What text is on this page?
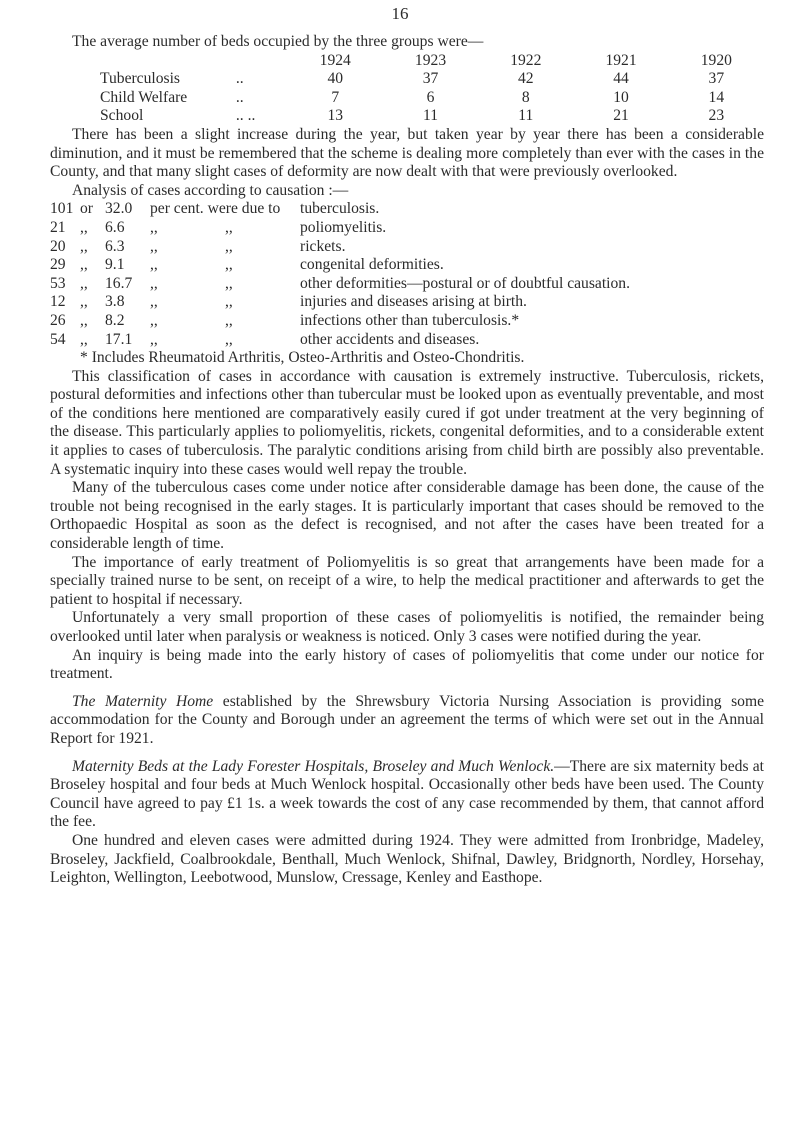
16

The average number of beds occupied by the three groups were—

		1924	1923	1922	1921	1920
Tuberculosis	..	40	37	42	44	37
Child Welfare	..	7	6	8	10	14
School	.. ..	13	11	11	21	23

There has been a slight increase during the year, but taken year by year there has been a considerable diminution, and it must be remembered that the scheme is dealing more completely than ever with the cases in the County, and that many slight cases of deformity are now dealt with that were previously overlooked.

Analysis of cases according to causation :—

101 or 32.0	per cent. were due to	tuberculosis.
21 ,,	6.6	,,	,,	poliomyelitis.
20 ,,	6.3	,,	,,	rickets.
29 ,,	9.1	,,	,,	congenital deformities.
53 ,,	16.7	,,	,,	other deformities—postural or of doubtful causation.
12 ,,	3.8	,,	,,	injuries and diseases arising at birth.
26 ,,	8.2	,,	,,	infections other than tuberculosis.*
54 ,,	17.1	,,	,,	other accidents and diseases.
* Includes Rheumatoid Arthritis, Osteo-Arthritis and Osteo-Chondritis.

This classification of cases in accordance with causation is extremely instructive. Tuberculosis, rickets, postural deformities and infections other than tubercular must be looked upon as eventually preventable, and most of the conditions here mentioned are comparatively easily cured if got under treatment at the very beginning of the disease. This particularly applies to poliomyelitis, rickets, congenital deformities, and to a considerable extent it applies to cases of tuberculosis. The paralytic conditions arising from child birth are possibly also preventable. A systematic inquiry into these cases would well repay the trouble.

Many of the tuberculous cases come under notice after considerable damage has been done, the cause of the trouble not being recognised in the early stages. It is particularly important that cases should be removed to the Orthopaedic Hospital as soon as the defect is recognised, and not after the cases have been treated for a considerable length of time.

The importance of early treatment of Poliomyelitis is so great that arrangements have been made for a specially trained nurse to be sent, on receipt of a wire, to help the medical practitioner and afterwards to get the patient to hospital if necessary.

Unfortunately a very small proportion of these cases of poliomyelitis is notified, the remainder being overlooked until later when paralysis or weakness is noticed. Only 3 cases were notified during the year.

An inquiry is being made into the early history of cases of poliomyelitis that come under our notice for treatment.

The Maternity Home established by the Shrewsbury Victoria Nursing Association is providing some accommodation for the County and Borough under an agreement the terms of which were set out in the Annual Report for 1921.

Maternity Beds at the Lady Forester Hospitals, Broseley and Much Wenlock.—There are six maternity beds at Broseley hospital and four beds at Much Wenlock hospital. Occasionally other beds have been used. The County Council have agreed to pay £1 1s. a week towards the cost of any case recommended by them, that cannot afford the fee.

One hundred and eleven cases were admitted during 1924. They were admitted from Ironbridge, Madeley, Broseley, Jackfield, Coalbrookdale, Benthall, Much Wenlock, Shifnal, Dawley, Bridgnorth, Nordley, Horsehay, Leighton, Wellington, Leebotwood, Munslow, Cressage, Kenley and Easthope.
